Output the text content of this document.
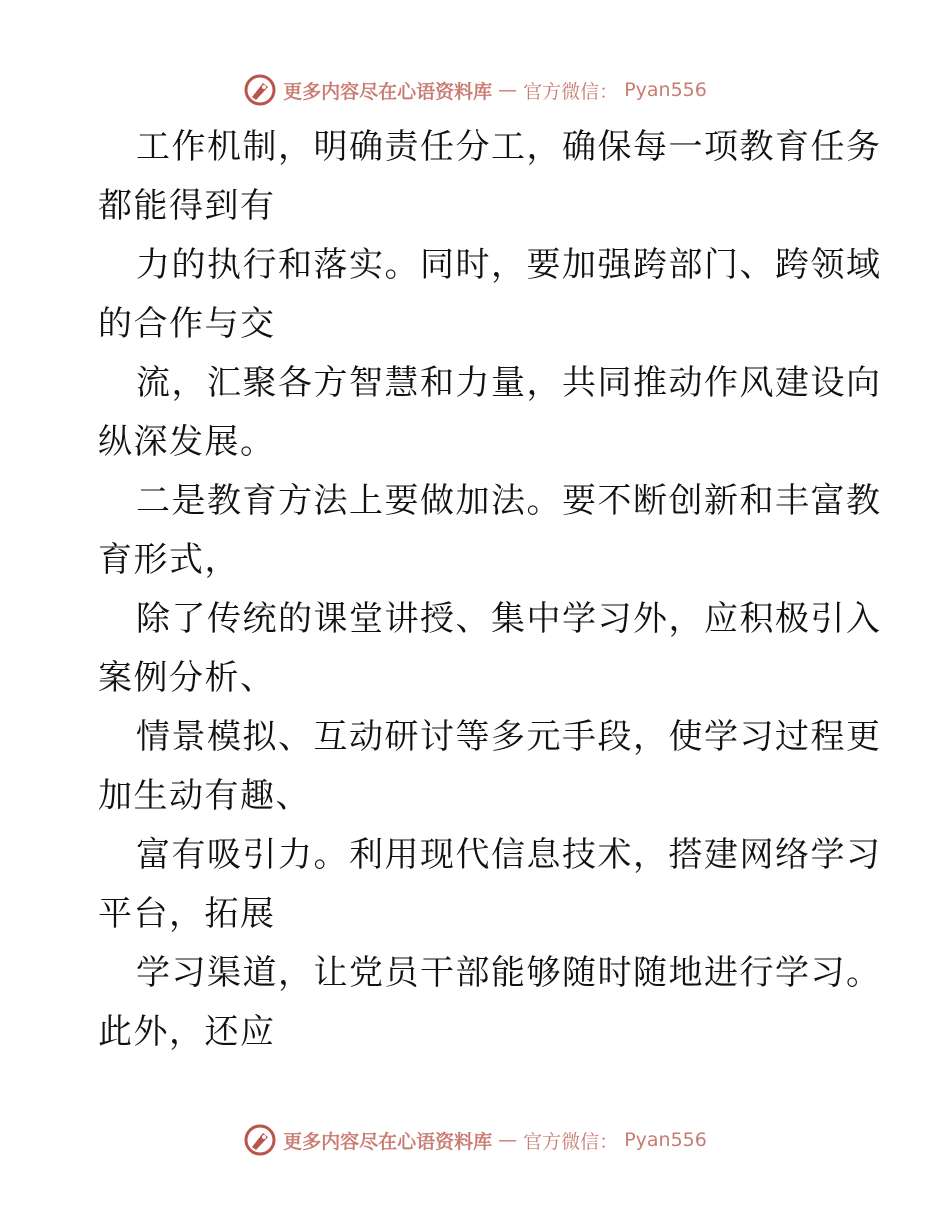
更多内容尽在心语资料库 — 官方微信： Pyan556
工作机制，明确责任分工，确保每一项教育任务
都能得到有
力的执行和落实。同时，要加强跨部门、跨领域
的合作与交
流，汇聚各方智慧和力量，共同推动作风建设向
纵深发展。
二是教育方法上要做加法。要不断创新和丰富教
育形式，
除了传统的课堂讲授、集中学习外，应积极引入
案例分析、
情景模拟、互动研讨等多元手段，使学习过程更
加生动有趣、
富有吸引力。利用现代信息技术，搭建网络学习
平台，拓展
学习渠道，让党员干部能够随时随地进行学习。
此外，还应
更多内容尽在心语资料库 — 官方微信： Pyan556
